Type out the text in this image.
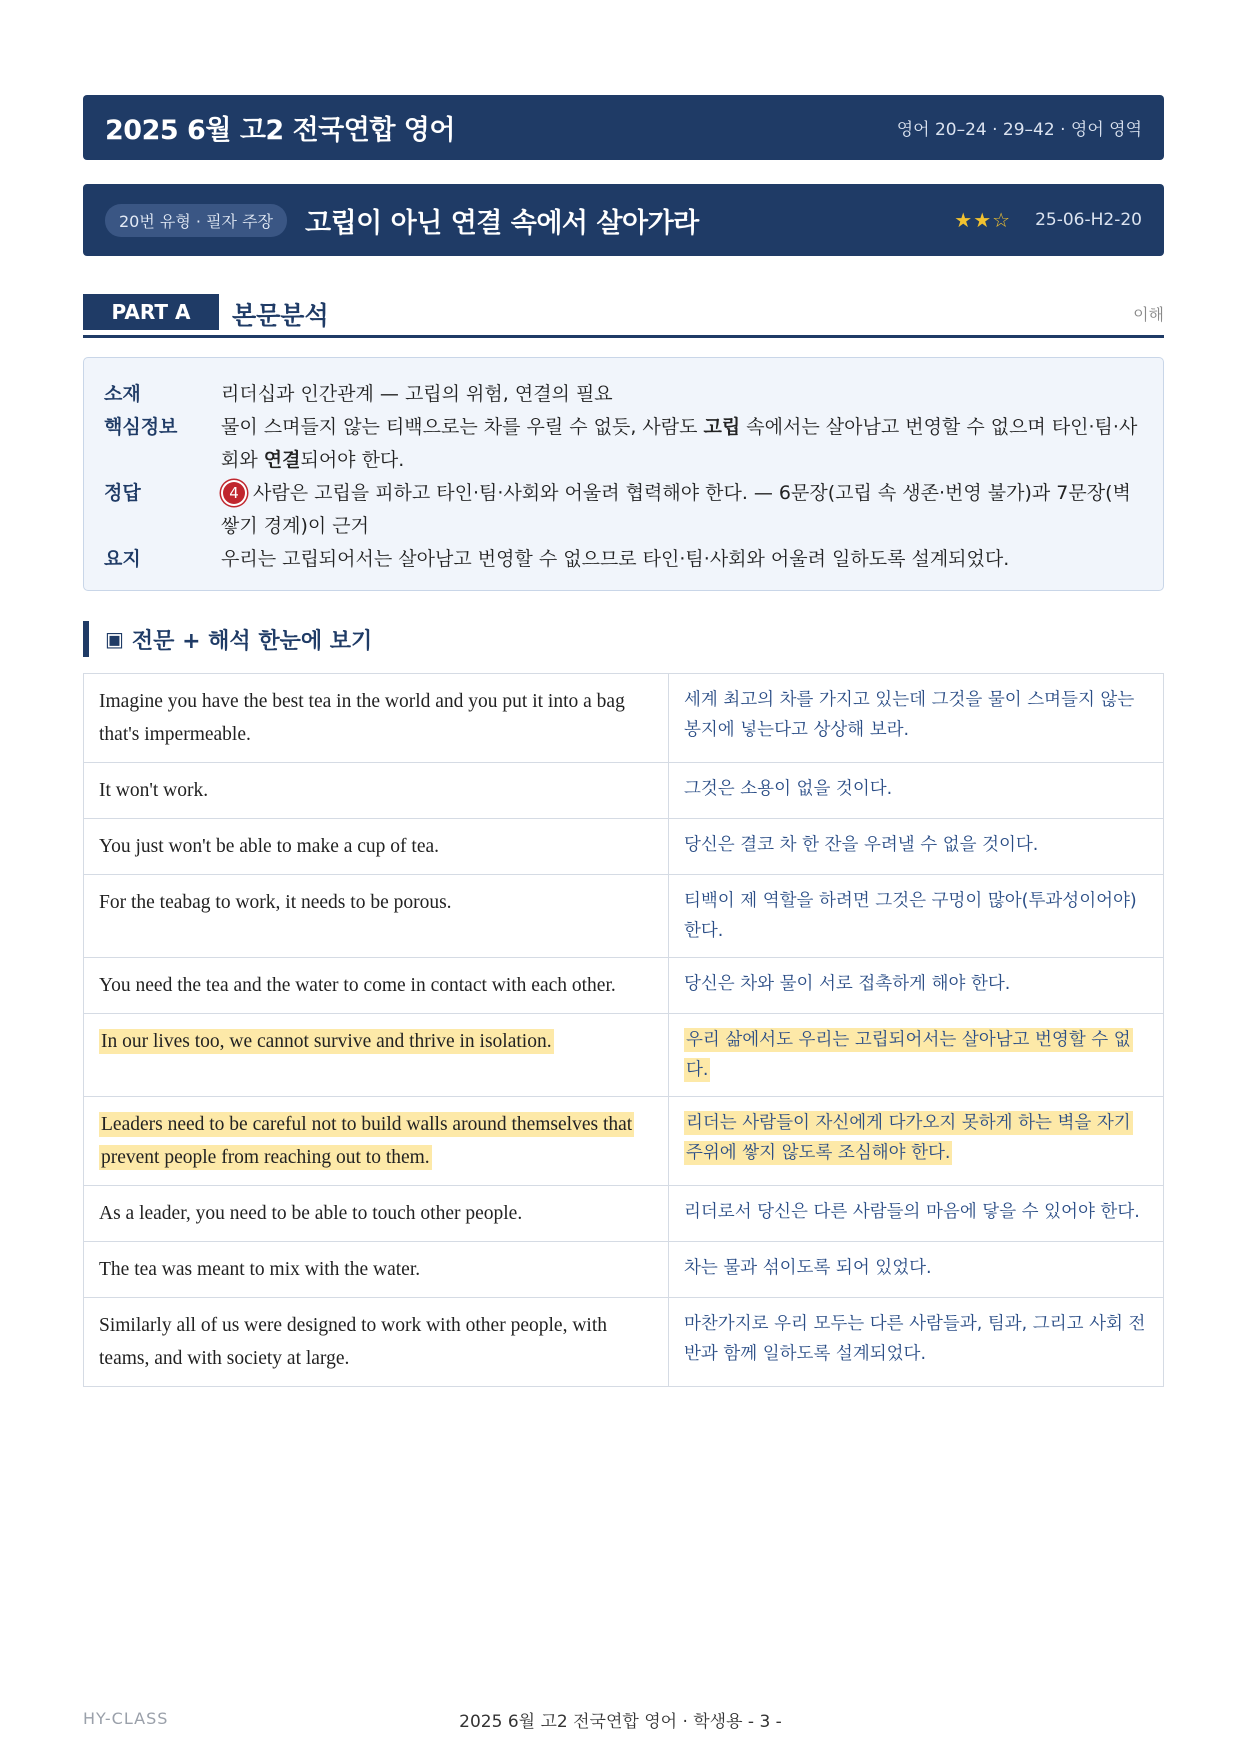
2025 6월 고2 전국연합 영어	영어 20–24 · 29–42 · 영어 영역
20번 유형 · 필자 주장	고립이 아닌 연결 속에서 살아가라	★★☆ 25-06-H2-20
PART A	본문분석	이해
소재	리더십과 인간관계 — 고립의 위험, 연결의 필요
핵심정보	물이 스며들지 않는 티백으로는 차를 우릴 수 없듯, 사람도 고립 속에서는 살아남고 번영할 수 없으며 타인·팀·사회와 연결되어야 한다.
정답	4 사람은 고립을 피하고 타인·팀·사회와 어울려 협력해야 한다. — 6문장(고립 속 생존·번영 불가)과 7문장(벽 쌓기 경계)이 근거
요지	우리는 고립되어서는 살아남고 번영할 수 없으므로 타인·팀·사회와 어울려 일하도록 설계되었다.
▣ 전문 + 해석 한눈에 보기
Imagine you have the best tea in the world and you put it into a bag that's impermeable.	세계 최고의 차를 가지고 있는데 그것을 물이 스며들지 않는 봉지에 넣는다고 상상해 보라.
It won't work.	그것은 소용이 없을 것이다.
You just won't be able to make a cup of tea.	당신은 결코 차 한 잔을 우려낼 수 없을 것이다.
For the teabag to work, it needs to be porous.	티백이 제 역할을 하려면 그것은 구멍이 많아(투과성이어야) 한다.
You need the tea and the water to come in contact with each other.	당신은 차와 물이 서로 접촉하게 해야 한다.
In our lives too, we cannot survive and thrive in isolation.	우리 삶에서도 우리는 고립되어서는 살아남고 번영할 수 없다.
Leaders need to be careful not to build walls around themselves that prevent people from reaching out to them.	리더는 사람들이 자신에게 다가오지 못하게 하는 벽을 자기 주위에 쌓지 않도록 조심해야 한다.
As a leader, you need to be able to touch other people.	리더로서 당신은 다른 사람들의 마음에 닿을 수 있어야 한다.
The tea was meant to mix with the water.	차는 물과 섞이도록 되어 있었다.
Similarly all of us were designed to work with other people, with teams, and with society at large.	마찬가지로 우리 모두는 다른 사람들과, 팀과, 그리고 사회 전반과 함께 일하도록 설계되었다.
HY-CLASS	2025 6월 고2 전국연합 영어 · 학생용 - 3 -
